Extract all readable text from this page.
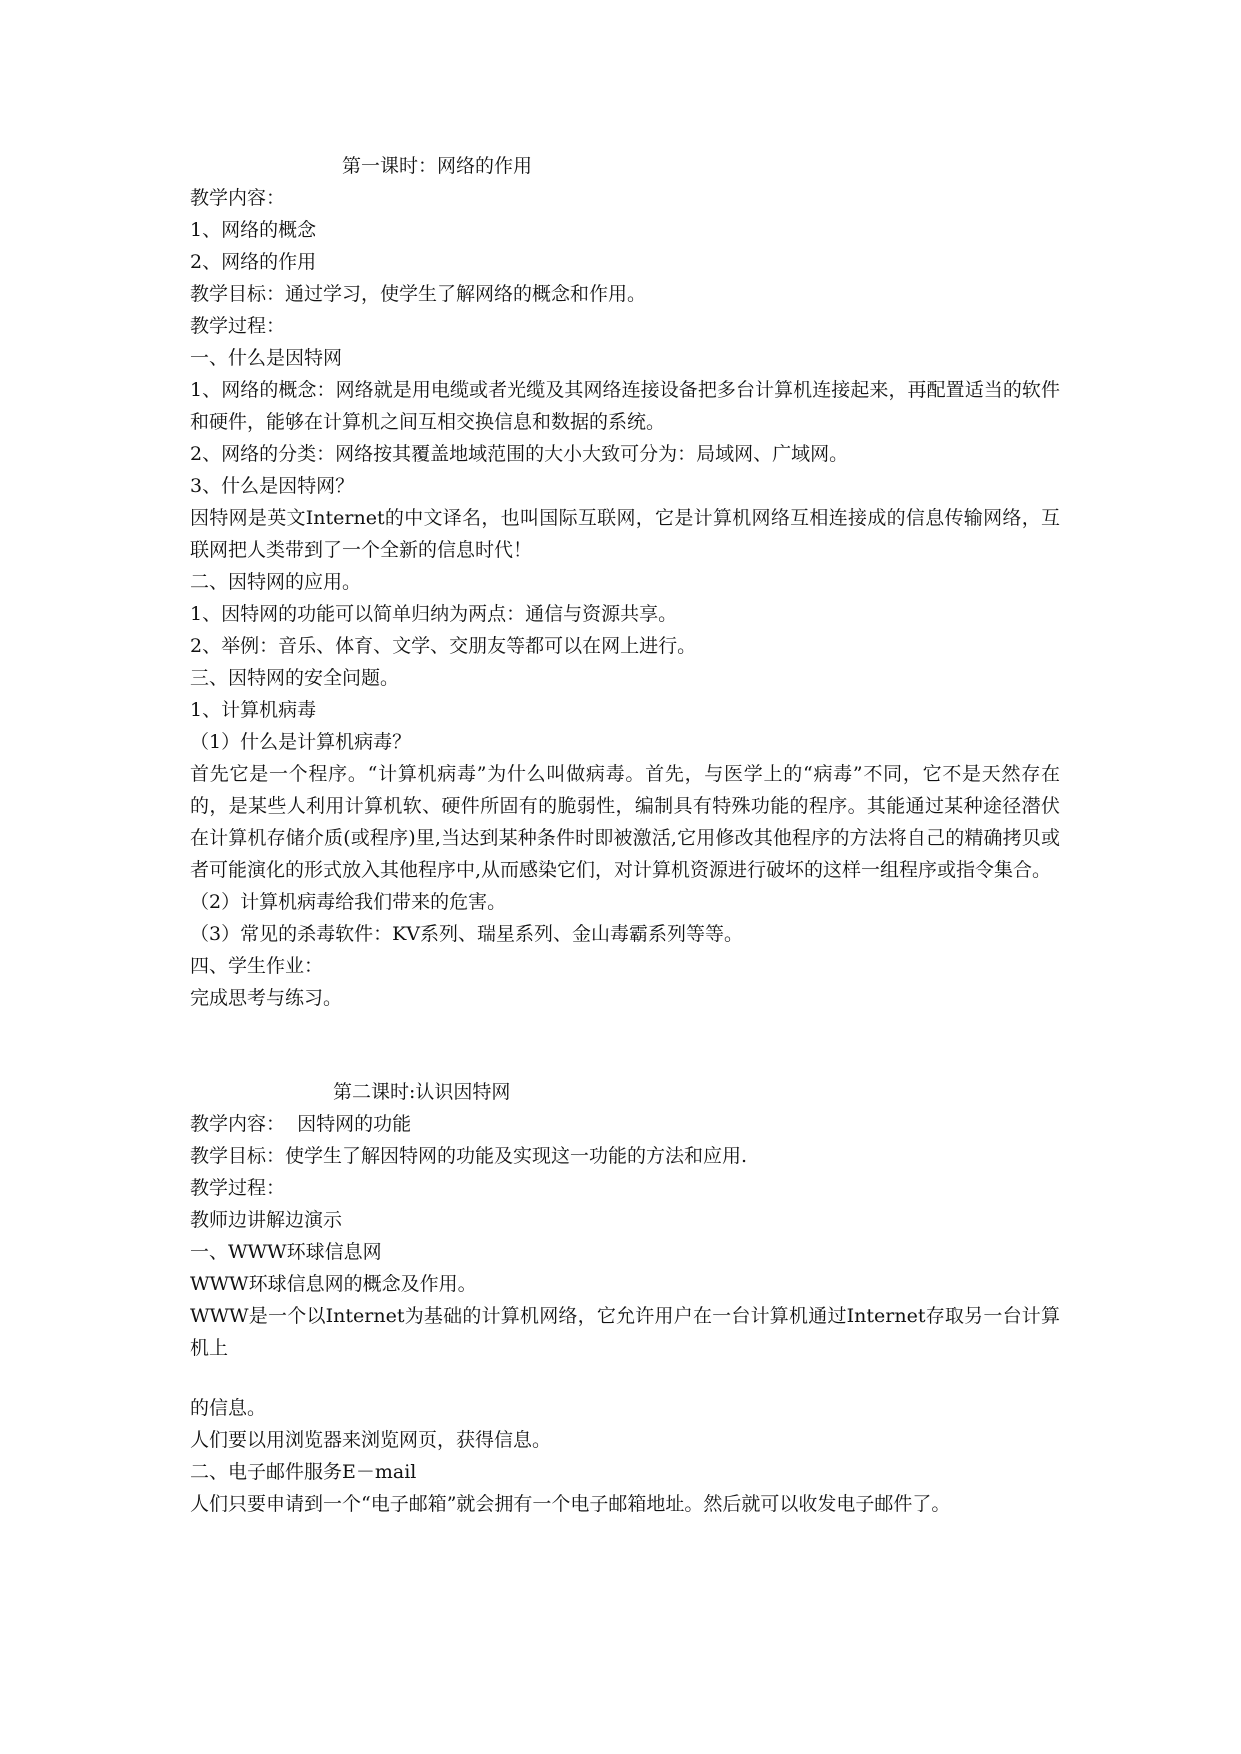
第一课时：网络的作用
教学内容：
1、网络的概念
2、网络的作用
教学目标：通过学习，使学生了解网络的概念和作用。
教学过程：
一、什么是因特网
1、网络的概念：网络就是用电缆或者光缆及其网络连接设备把多台计算机连接起来，再配置适当的软件和硬件，能够在计算机之间互相交换信息和数据的系统。
2、网络的分类：网络按其覆盖地域范围的大小大致可分为：局域网、广域网。
3、什么是因特网？
因特网是英文Internet的中文译名，也叫国际互联网，它是计算机网络互相连接成的信息传输网络，互联网把人类带到了一个全新的信息时代！
二、因特网的应用。
1、因特网的功能可以简单归纳为两点：通信与资源共享。
2、举例：音乐、体育、文学、交朋友等都可以在网上进行。
三、因特网的安全问题。
1、计算机病毒
（1）什么是计算机病毒？
首先它是一个程序。“计算机病毒”为什么叫做病毒。首先，与医学上的“病毒”不同，它不是天然存在的，是某些人利用计算机软、硬件所固有的脆弱性，编制具有特殊功能的程序。其能通过某种途径潜伏在计算机存储介质(或程序)里,当达到某种条件时即被激活,它用修改其他程序的方法将自己的精确拷贝或者可能演化的形式放入其他程序中,从而感染它们，对计算机资源进行破坏的这样一组程序或指令集合。
（2）计算机病毒给我们带来的危害。
（3）常见的杀毒软件：KV系列、瑞星系列、金山毒霸系列等等。
四、学生作业：
完成思考与练习。
第二课时:认识因特网
教学内容：  因特网的功能
教学目标：使学生了解因特网的功能及实现这一功能的方法和应用.
教学过程：
教师边讲解边演示
一、WWW环球信息网
WWW环球信息网的概念及作用。
WWW是一个以Internet为基础的计算机网络，它允许用户在一台计算机通过Internet存取另一台计算机上
的信息。
人们要以用浏览器来浏览网页，获得信息。
二、电子邮件服务E－mail
人们只要申请到一个“电子邮箱”就会拥有一个电子邮箱地址。然后就可以收发电子邮件了。
